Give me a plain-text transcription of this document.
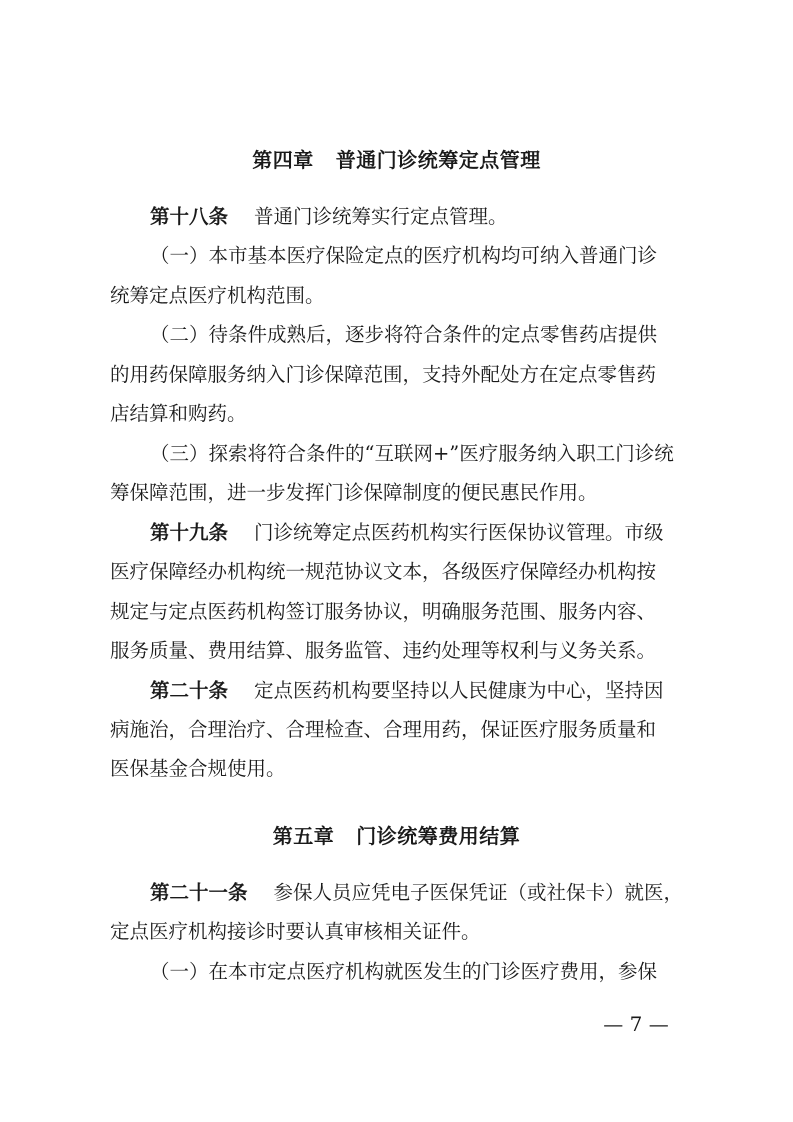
第四章 普通门诊统筹定点管理
第十八条 普通门诊统筹实行定点管理。
（一）本市基本医疗保险定点的医疗机构均可纳入普通门诊
统筹定点医疗机构范围。
（二）待条件成熟后，逐步将符合条件的定点零售药店提供
的用药保障服务纳入门诊保障范围，支持外配处方在定点零售药
店结算和购药。
（三）探索将符合条件的“互联网+”医疗服务纳入职工门诊统
筹保障范围，进一步发挥门诊保障制度的便民惠民作用。
第十九条 门诊统筹定点医药机构实行医保协议管理。市级
医疗保障经办机构统一规范协议文本，各级医疗保障经办机构按
规定与定点医药机构签订服务协议，明确服务范围、服务内容、
服务质量、费用结算、服务监管、违约处理等权利与义务关系。
第二十条 定点医药机构要坚持以人民健康为中心，坚持因
病施治，合理治疗、合理检查、合理用药，保证医疗服务质量和
医保基金合规使用。
第五章 门诊统筹费用结算
第二十一条 参保人员应凭电子医保凭证（或社保卡）就医，
定点医疗机构接诊时要认真审核相关证件。
（一）在本市定点医疗机构就医发生的门诊医疗费用，参保
— 7 —
